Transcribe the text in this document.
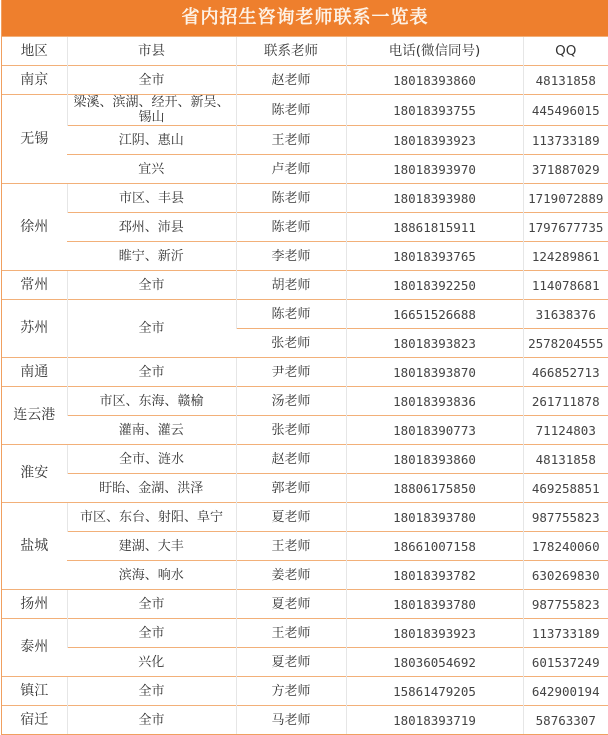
省内招生咨询老师联系一览表
地区	市县	联系老师	电话(微信同号)	QQ
南京	全市	赵老师	18018393860	48131858
无锡	梁溪、滨湖、经开、新吴、锡山	陈老师	18018393755	445496015
	江阴、惠山	王老师	18018393923	113733189
	宜兴	卢老师	18018393970	371887029
徐州	市区、丰县	陈老师	18018393980	1719072889
	邳州、沛县	陈老师	18861815911	1797677735
	睢宁、新沂	李老师	18018393765	124289861
常州	全市	胡老师	18018392250	114078681
苏州	全市	陈老师	16651526688	31638376
		张老师	18018393823	2578204555
南通	全市	尹老师	18018393870	466852713
连云港	市区、东海、赣榆	汤老师	18018393836	261711878
	灌南、灌云	张老师	18018390773	71124803
淮安	全市、涟水	赵老师	18018393860	48131858
	盱眙、金湖、洪泽	郭老师	18806175850	469258851
盐城	市区、东台、射阳、阜宁	夏老师	18018393780	987755823
	建湖、大丰	王老师	18661007158	178240060
	滨海、响水	姜老师	18018393782	630269830
扬州	全市	夏老师	18018393780	987755823
泰州	全市	王老师	18018393923	113733189
	兴化	夏老师	18036054692	601537249
镇江	全市	方老师	15861479205	642900194
宿迁	全市	马老师	18018393719	58763307
